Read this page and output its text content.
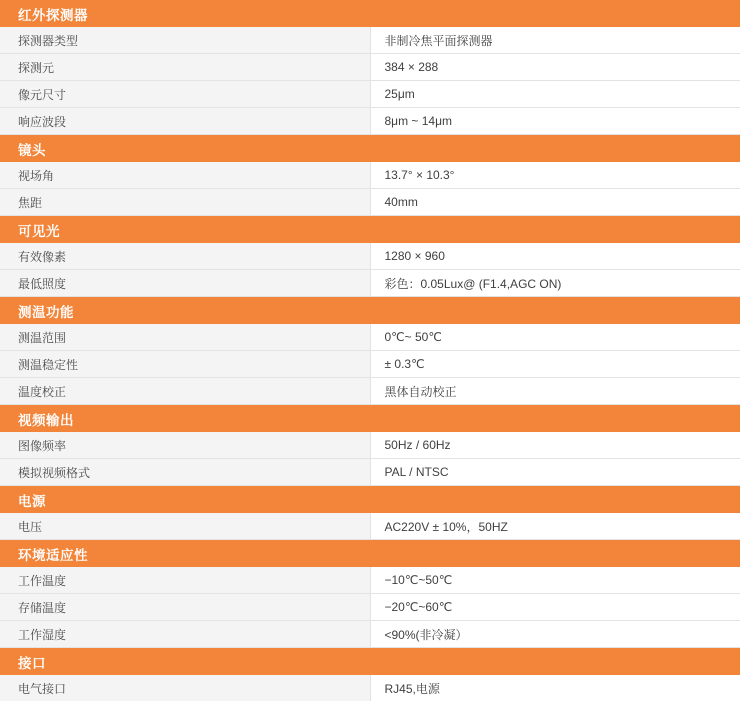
红外探测器	
探测器类型	非制冷焦平面探测器
探测元	384 × 288
像元尺寸	25μm
响应波段	8μm ~ 14μm
镜头	
视场角	13.7° × 10.3°
焦距	40mm
可见光	
有效像素	1280 × 960
最低照度	彩色：0.05Lux@ (F1.4,AGC ON)
测温功能	
测温范围	0℃~ 50℃
测温稳定性	± 0.3℃
温度校正	黑体自动校正
视频输出	
图像频率	50Hz / 60Hz
模拟视频格式	PAL / NTSC
电源	
电压	AC220V ± 10%，50HZ
环境适应性	
工作温度	−10℃~50℃
存储温度	−20℃~60℃
工作湿度	<90%(非冷凝）
接口	
电气接口	RJ45,电源
